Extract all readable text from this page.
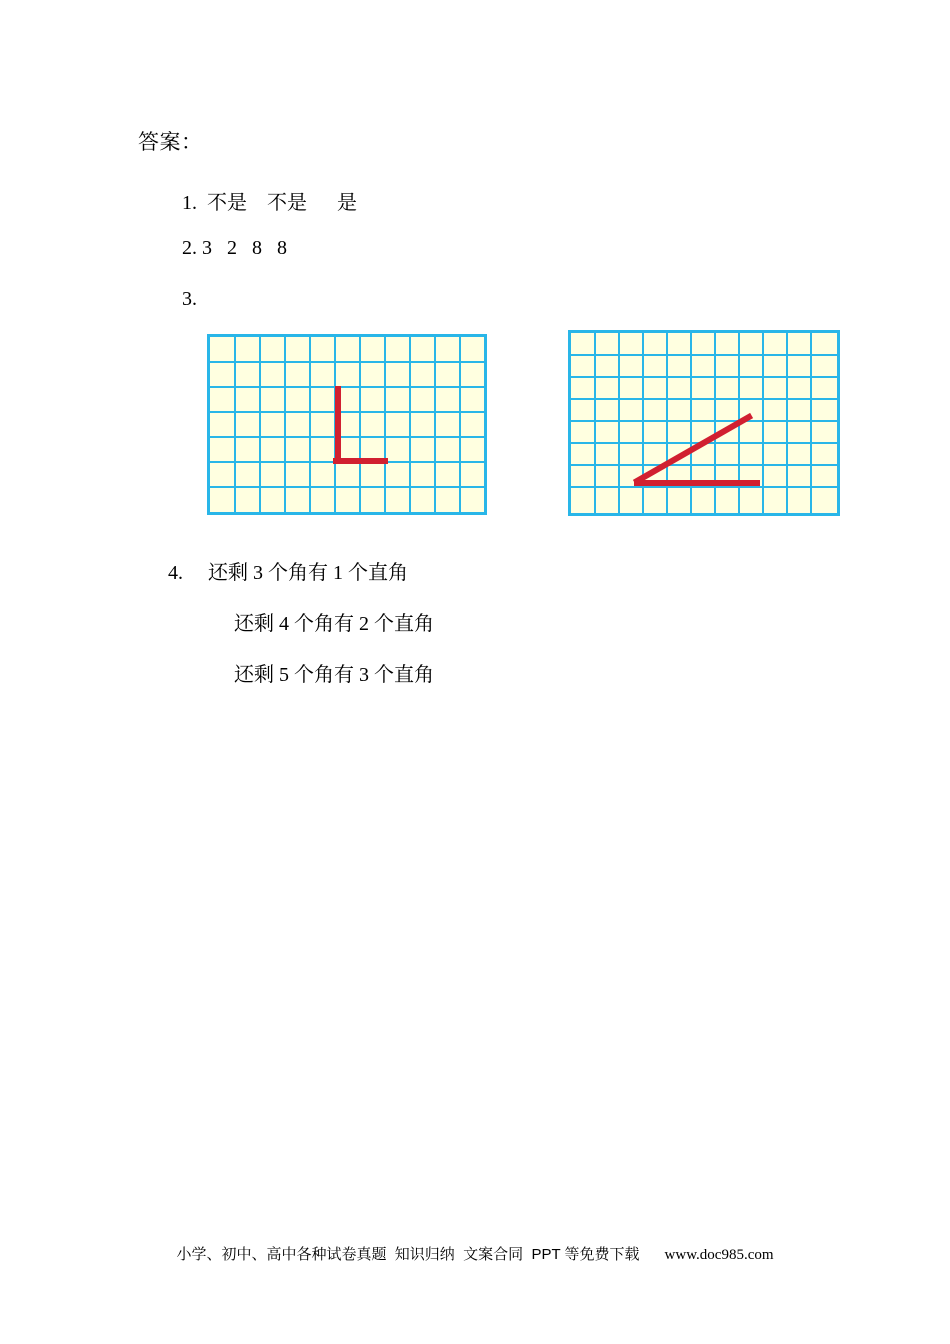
答案：
1.  不是    不是      是
2. 3   2   8   8
3.
4. 还剩 3 个角有 1 个直角
还剩 4 个角有 2 个直角
还剩 5 个角有 3 个直角
小学、初中、高中各种试卷真题  知识归纳  文案合同  PPT 等免费下载      www.doc985.com
